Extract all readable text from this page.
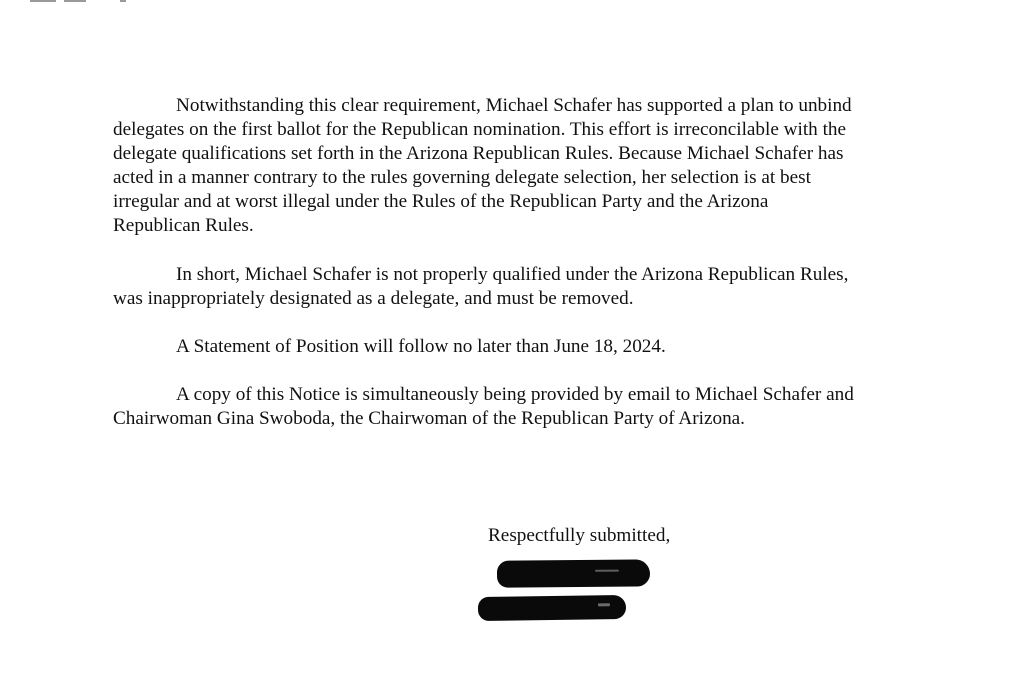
Notwithstanding this clear requirement, Michael Schafer has supported a plan to unbind
delegates on the first ballot for the Republican nomination. This effort is irreconcilable with the
delegate qualifications set forth in the Arizona Republican Rules. Because Michael Schafer has
acted in a manner contrary to the rules governing delegate selection, her selection is at best
irregular and at worst illegal under the Rules of the Republican Party and the Arizona
Republican Rules.

In short, Michael Schafer is not properly qualified under the Arizona Republican Rules,
was inappropriately designated as a delegate, and must be removed.

A Statement of Position will follow no later than June 18, 2024.

A copy of this Notice is simultaneously being provided by email to Michael Schafer and
Chairwoman Gina Swoboda, the Chairwoman of the Republican Party of Arizona.

Respectfully submitted,
